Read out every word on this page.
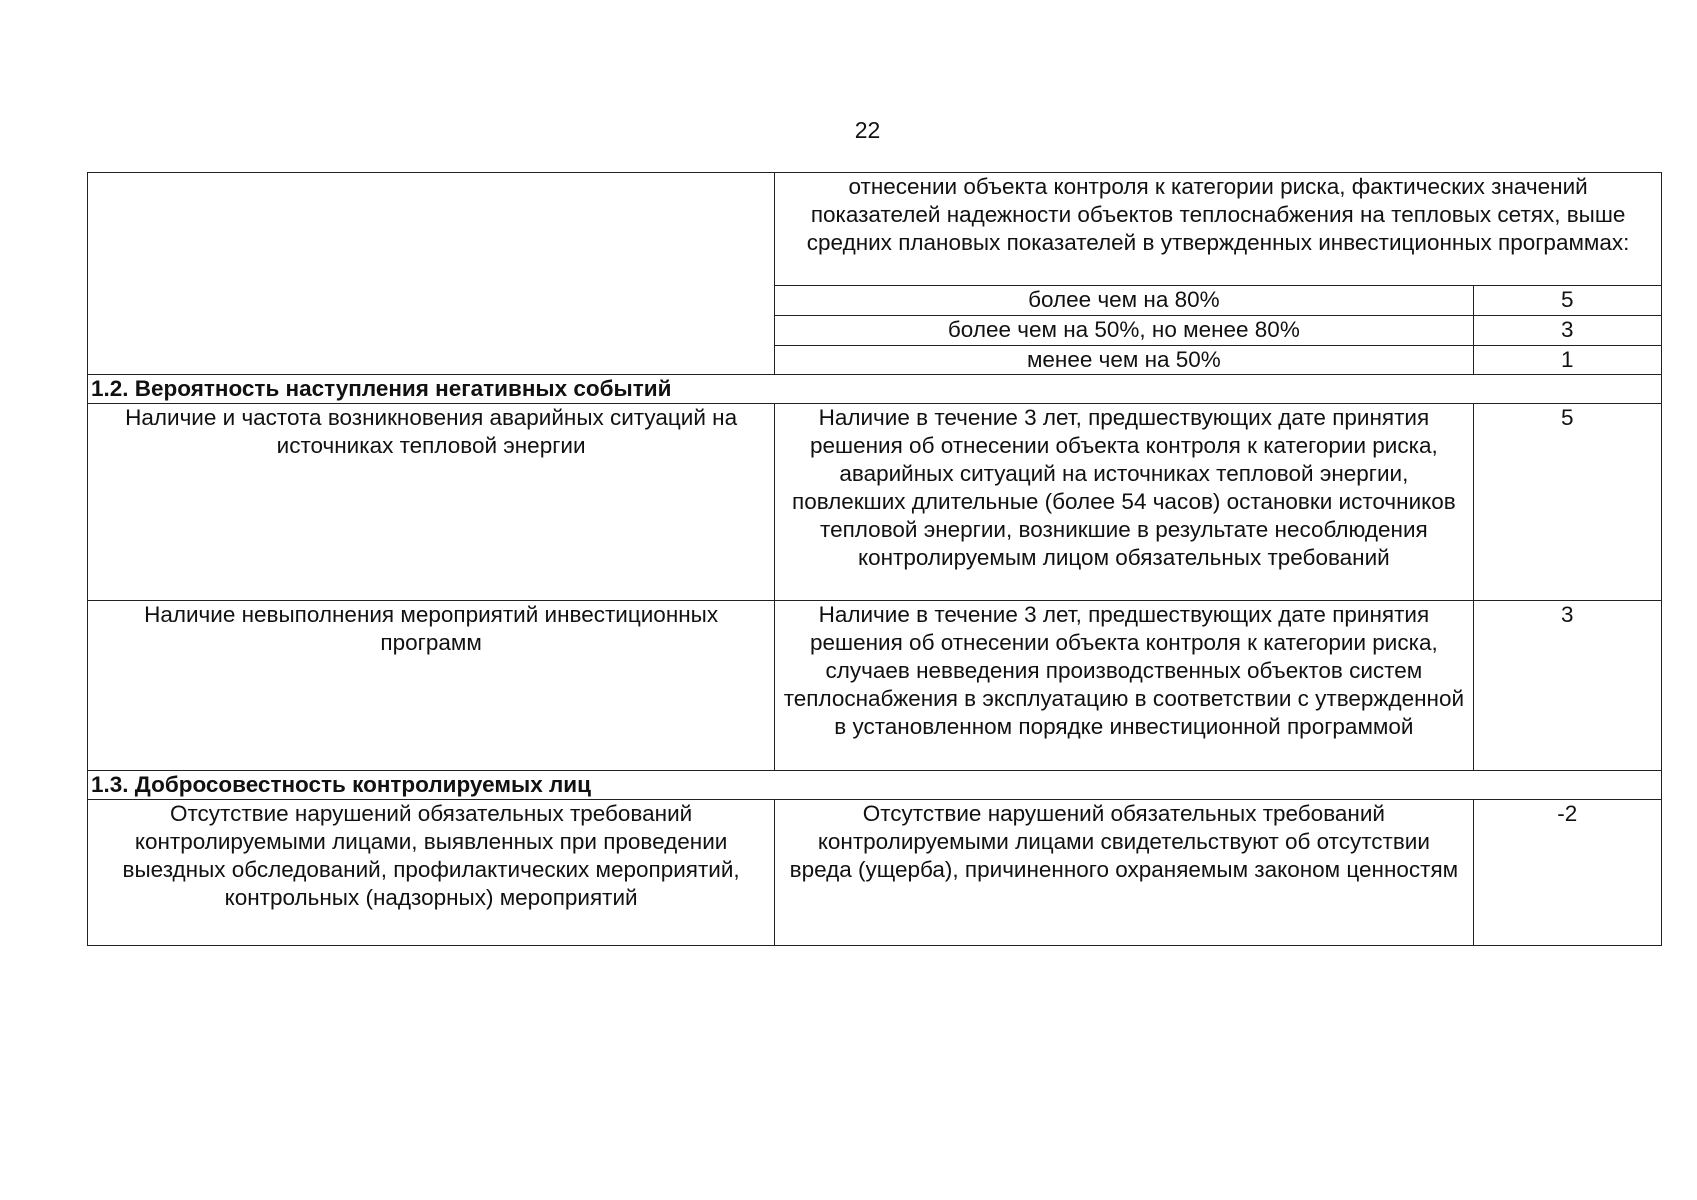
22
	отнесении объекта контроля к категории риска, фактических значений показателей надежности объектов теплоснабжения на тепловых сетях, выше средних плановых показателей в утвержденных инвестиционных программах:	
	более чем на 80%	5
	более чем на 50%, но менее 80%	3
	менее чем на 50%	1
1.2. Вероятность наступления негативных событий		
Наличие и частота возникновения аварийных ситуаций на источниках тепловой энергии	Наличие в течение 3 лет, предшествующих дате принятия решения об отнесении объекта контроля к категории риска, аварийных ситуаций на источниках тепловой энергии, повлекших длительные (более 54 часов) остановки источников тепловой энергии, возникшие в результате несоблюдения контролируемым лицом обязательных требований	5
Наличие невыполнения мероприятий инвестиционных программ	Наличие в течение 3 лет, предшествующих дате принятия решения об отнесении объекта контроля к категории риска, случаев невведения производственных объектов систем теплоснабжения в эксплуатацию в соответствии с утвержденной в установленном порядке инвестиционной программой	3
1.3. Добросовестность контролируемых лиц		
Отсутствие нарушений обязательных требований контролируемыми лицами, выявленных при проведении выездных обследований, профилактических мероприятий, контрольных (надзорных) мероприятий	Отсутствие нарушений обязательных требований контролируемыми лицами свидетельствуют об отсутствии вреда (ущерба), причиненного охраняемым законом ценностям	-2
